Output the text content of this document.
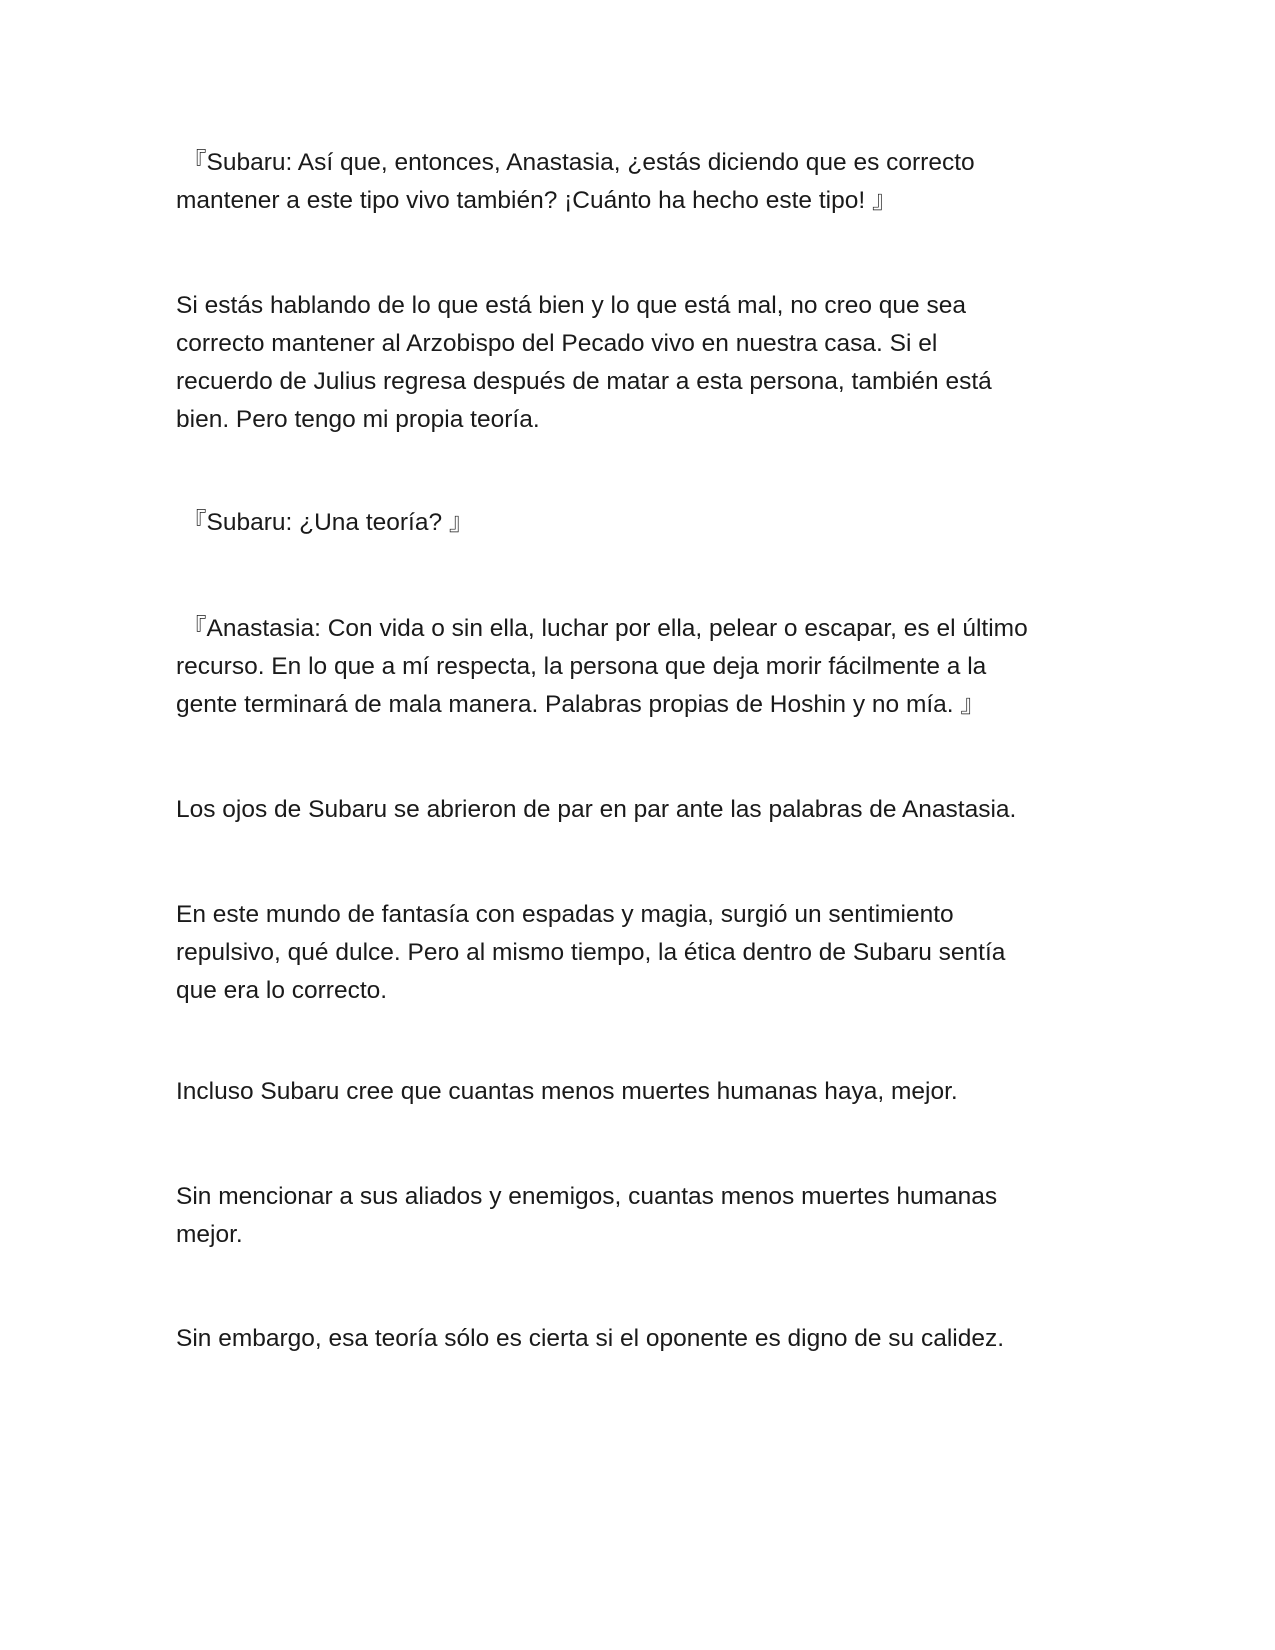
『Subaru: Así que, entonces, Anastasia, ¿estás diciendo que es correcto
mantener a este tipo vivo también? ¡Cuánto ha hecho este tipo! 』

Si estás hablando de lo que está bien y lo que está mal, no creo que sea
correcto mantener al Arzobispo del Pecado vivo en nuestra casa. Si el
recuerdo de Julius regresa después de matar a esta persona, también está
bien. Pero tengo mi propia teoría.

『Subaru: ¿Una teoría? 』

『Anastasia: Con vida o sin ella, luchar por ella, pelear o escapar, es el último
recurso. En lo que a mí respecta, la persona que deja morir fácilmente a la
gente terminará de mala manera. Palabras propias de Hoshin y no mía. 』

Los ojos de Subaru se abrieron de par en par ante las palabras de Anastasia.

En este mundo de fantasía con espadas y magia, surgió un sentimiento
repulsivo, qué dulce. Pero al mismo tiempo, la ética dentro de Subaru sentía
que era lo correcto.

Incluso Subaru cree que cuantas menos muertes humanas haya, mejor.

Sin mencionar a sus aliados y enemigos, cuantas menos muertes humanas
mejor.

Sin embargo, esa teoría sólo es cierta si el oponente es digno de su calidez.
